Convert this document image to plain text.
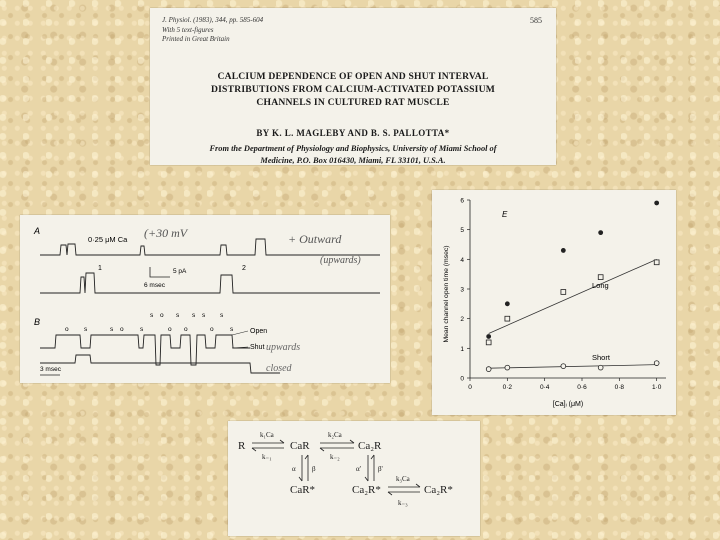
J. Physiol. (1983), 344, pp. 585-604
With 5 text-figures
Printed in Great Britain
585
CALCIUM DEPENDENCE OF OPEN AND SHUT INTERVAL
DISTRIBUTIONS FROM CALCIUM-ACTIVATED POTASSIUM
CHANNELS IN CULTURED RAT MUSCLE
BY K. L. MAGLEBY AND B. S. PALLOTTA*
From the Department of Physiology and Biophysics, University of Miami School of
Medicine, P.O. Box 016430, Miami, FL 33101, U.S.A.
A
0·25 μM Ca (+30 mV	+ Outward
(upwards)
1	2
5 pA
6 msec
B
Open
Shut upwards
closed
o s	s o	s
s o
o
s
o
s s
o
s
s
3 msec
E
Mean channel open time (msec)
[Ca]ᵢ (μM)
0
1
2
3
4
5
6
0	0·2	0·4	0·6	0·8	1·0
Long
Short
R	CaR	Ca₂R
CaR*	Ca₂R*	Ca₂R*
k₁Ca
k₋₁
k₂Ca
k₋₂
α β	α' β'
k₃Ca
k₋₃
